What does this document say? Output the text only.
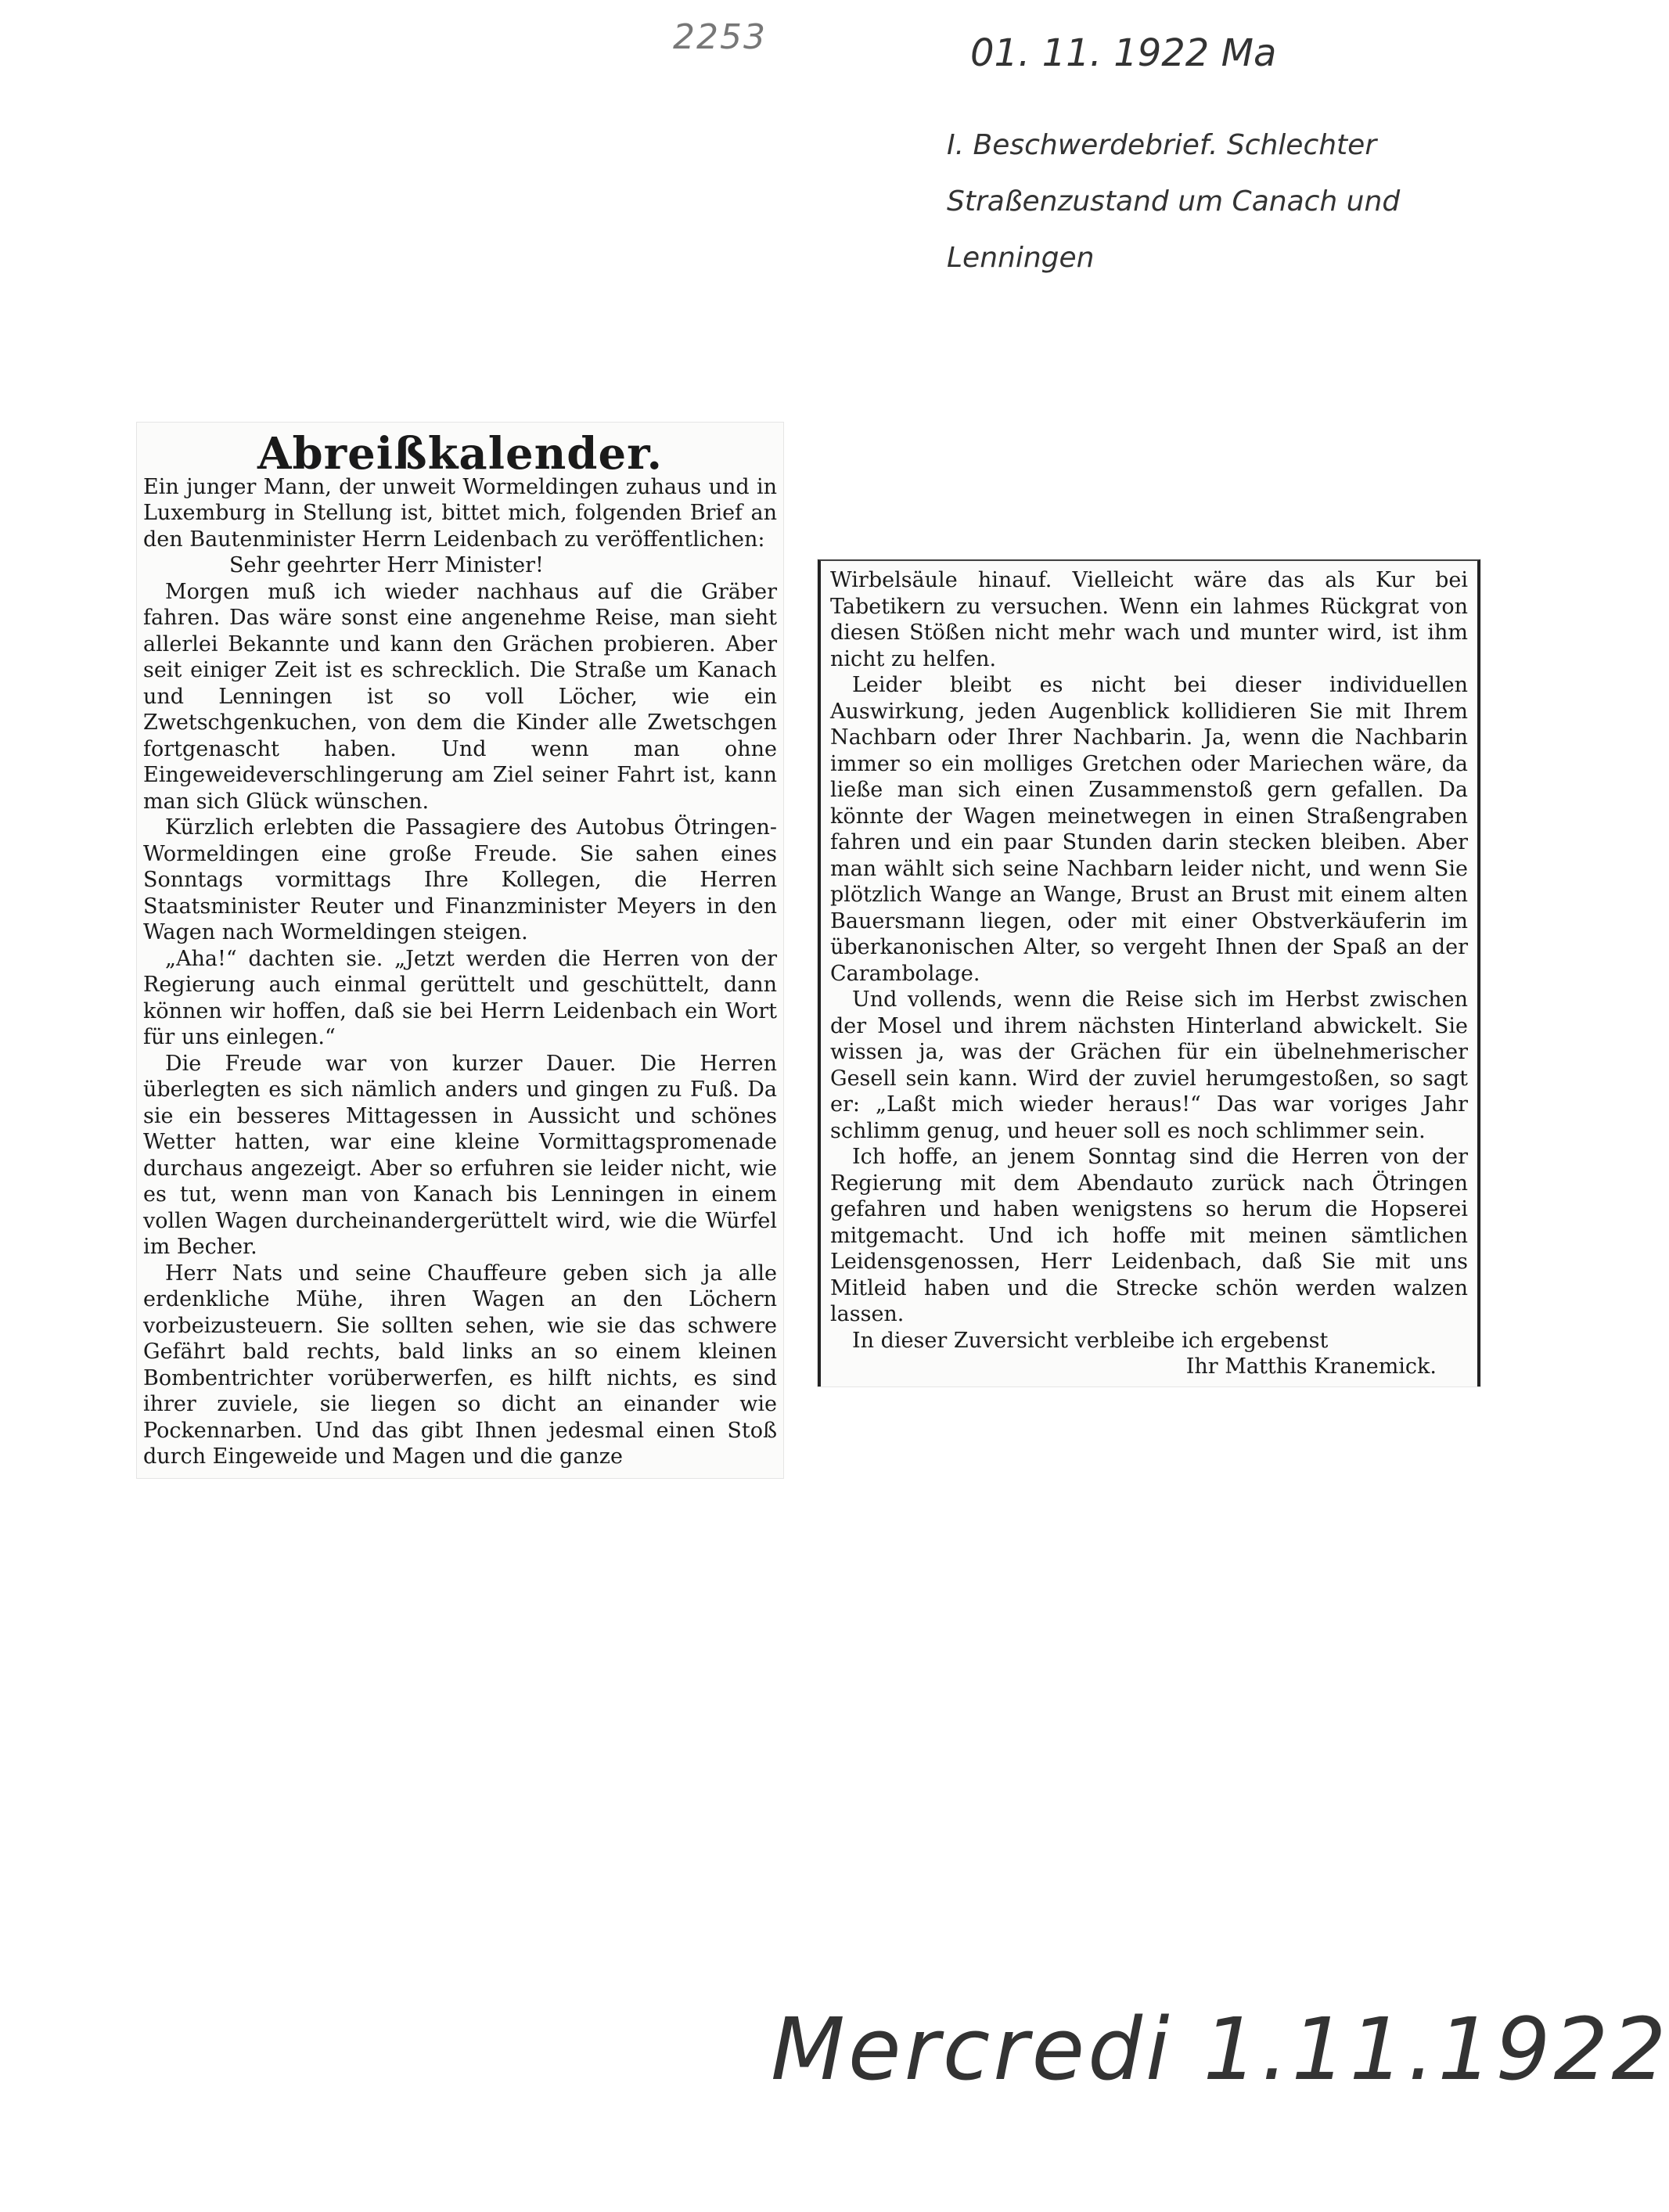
2253	01. 11. 1922 Ma
I. Beschwerdebrief. Schlechter Straßenzustand um Canach und Lenningen
Abreißkalender.

Ein junger Mann, der unweit Wormeldingen zuhaus und in Luxemburg in Stellung ist, bittet mich, folgenden Brief an den Bautenminister Herrn Leidenbach zu veröffentlichen:

Sehr geehrter Herr Minister!

Morgen muß ich wieder nachhaus auf die Gräber fahren. Das wäre sonst eine angenehme Reise, man sieht allerlei Bekannte und kann den Grächen probieren. Aber seit einiger Zeit ist es schrecklich. Die Straße um Kanach und Lenningen ist so voll Löcher, wie ein Zwetschgenkuchen, von dem die Kinder alle Zwetschgen fortgenascht haben. Und wenn man ohne Eingeweideverschlingerung am Ziel seiner Fahrt ist, kann man sich Glück wünschen.

Kürzlich erlebten die Passagiere des Autobus Ötringen-Wormeldingen eine große Freude. Sie sahen eines Sonntags vormittags Ihre Kollegen, die Herren Staatsminister Reuter und Finanzminister Meyers in den Wagen nach Wormeldingen steigen.

„Aha!“ dachten sie. „Jetzt werden die Herren von der Regierung auch einmal gerüttelt und geschüttelt, dann können wir hoffen, daß sie bei Herrn Leidenbach ein Wort für uns einlegen.“

Die Freude war von kurzer Dauer. Die Herren überlegten es sich nämlich anders und gingen zu Fuß. Da sie ein besseres Mittagessen in Aussicht und schönes Wetter hatten, war eine kleine Vormittagspromenade durchaus angezeigt. Aber so erfuhren sie leider nicht, wie es tut, wenn man von Kanach bis Lenningen in einem vollen Wagen durcheinandergerüttelt wird, wie die Würfel im Becher.

Herr Nats und seine Chauffeure geben sich ja alle erdenkliche Mühe, ihren Wagen an den Löchern vorbeizusteuern. Sie sollten sehen, wie sie das schwere Gefährt bald rechts, bald links an so einem kleinen Bombentrichter vorüberwerfen, es hilft nichts, es sind ihrer zuviele, sie liegen so dicht an einander wie Pockennarben. Und das gibt Ihnen jedesmal einen Stoß durch Eingeweide und Magen und die ganze

Wirbelsäule hinauf. Vielleicht wäre das als Kur bei Tabetikern zu versuchen. Wenn ein lahmes Rückgrat von diesen Stößen nicht mehr wach und munter wird, ist ihm nicht zu helfen.

Leider bleibt es nicht bei dieser individuellen Auswirkung, jeden Augenblick kollidieren Sie mit Ihrem Nachbarn oder Ihrer Nachbarin. Ja, wenn die Nachbarin immer so ein molliges Gretchen oder Mariechen wäre, da ließe man sich einen Zusammenstoß gern gefallen. Da könnte der Wagen meinetwegen in einen Straßengraben fahren und ein paar Stunden darin stecken bleiben. Aber man wählt sich seine Nachbarn leider nicht, und wenn Sie plötzlich Wange an Wange, Brust an Brust mit einem alten Bauersmann liegen, oder mit einer Obstverkäuferin im überkanonischen Alter, so vergeht Ihnen der Spaß an der Carambolage.

Und vollends, wenn die Reise sich im Herbst zwischen der Mosel und ihrem nächsten Hinterland abwickelt. Sie wissen ja, was der Grächen für ein übelnehmerischer Gesell sein kann. Wird der zuviel herumgestoßen, so sagt er: „Laßt mich wieder heraus!“ Das war voriges Jahr schlimm genug, und heuer soll es noch schlimmer sein.

Ich hoffe, an jenem Sonntag sind die Herren von der Regierung mit dem Abendauto zurück nach Ötringen gefahren und haben wenigstens so herum die Hopserei mitgemacht. Und ich hoffe mit meinen sämtlichen Leidensgenossen, Herr Leidenbach, daß Sie mit uns Mitleid haben und die Strecke schön werden walzen lassen.

In dieser Zuversicht verbleibe ich ergebenst

Ihr Matthis Kranemick.

Mercredi 1.11.1922
